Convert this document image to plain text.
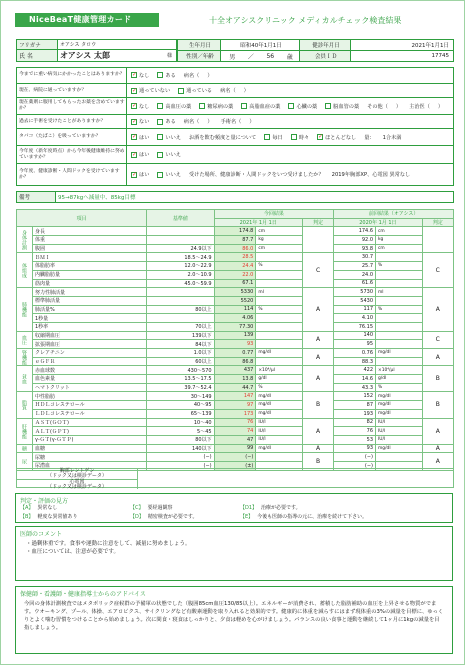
NiceBeaT健康管理カード	十全オアシスクリニック メディカルチェック検査結果
フリガナ	オアシス タロウ
氏 名	オアシス 太郎	様
生年月日	昭和40年1月1日	健診年月日	2021年1月1日
性別／年齢	男 ／ 56 歳	会員ＩＤ	17745
今までに重い病気にかかったことはありますか？ ✓	なし	ある 病名（ ）
現在、病院に通っていますか？ ✓	通っていない	通っている 病名（ ）
現在薬剤に服用してもらったお薬を含めていますか？ ✓	なし	高血圧の薬	糖尿病の薬	高脂血症の薬	心臓の薬	脳血管の薬 その他（ ） 主治医（ ）
過去に手術を受けたことがありますか？ ✓	ない	ある 病名（ ） 手術名（ ）
タバコ（たばこ）を吸っていますか？ ✓	はい	いいえ お酒を飲む頻度と量について	毎日	時々 ✓	ほとんどなし 量： 1合未満
今年度（新年度時点）から今年後健康維持に努めていますか？ ✓	はい	いいえ
今年度、健康診断・人間ドックを受けていますか？ ✓	はい	いいえ 受けた場所、健康診断・人間ドックをいつ受けましたか？ 2019年胸部XP、心電図 異常なし
備考	95→87kgへ減量中、85kg目標
項目		基準値	今回結果			前回結果（オアシス）		
			2021年 1月 1日		判定	2020年 1月 1日		判定
身体計測	身長		174.8	cm		174.6	cm	
	体重		87.7	kg		92.0	kg	
	腹囲	24.9以下	86.0	cm		93.8	cm	
体組成	ＢＭＩ	18.5〜24.9	28.5		C	30.7		C
	体脂肪率	12.0〜22.9	24.4	%		25.7	%	
	内臓脂肪量	2.0〜10.9	22.0			24.0		
	筋肉量	45.0〜59.9	67.1			61.6		
肺機能	努力性肺活量		5330	ml	A	5730	ml	A
	標準肺活量		5520			5430		
	肺活量%	80以上	114	%		117	%	
	1秒量		4.06			4.10		
	1秒率	70以上	77.30			76.15		
血圧	収縮期血圧	139以下	139		A	140		C
	拡張期血圧	84以下	93			95		
腎機能	クレアチニン	1.0以下	0.77	mg/dl	A	0.76	mg/dl	A
	ｅＧＦＲ	60以上	86.8			88.3		
貧血	赤血球数	430〜570	437	×10⁴/μl	A	422	×10⁴/μl	B
	血色素量	13.5〜17.5	13.8	g/dl		14.6	g/dl	
	ヘマトクリット	39.7〜52.4	44.7	%		43.3	%	
脂質	中性脂肪	30〜149	147	mg/dl	B	152	mg/dl	B
	ＨＤＬコレステロール	40〜95	97	mg/dl		87	mg/dl	
	ＬＤＬコレステロール	65〜139	173	mg/dl		193	mg/dl	
肝機能	ＡＳＴ(ＧＯＴ)	10〜40	76	IU/l	A	82	IU/l	A
	ＡＬＴ(ＧＰＴ)	5〜45	74	IU/l		76	IU/l	
	γ-ＧＴ(γ-ＧＴＰ)	80以下	47	IU/l		53	IU/l	
糖	血糖	140以下	99	mg/dl	A	93	mg/dl	A
尿	尿糖	(−)	(−)		B	(−)		A
	尿潜血	(−)	(±)			(−)		
胸部レントゲン
（ドック又は検診データ）
心電図
（ドック又は検診データ）
判定・評価の見方
【A】 異常なし	【C】 要経過観察	【D1】 治療が必要です。
【B】 軽度な異常値あり	【D】 精密検査が必要です。	【E】 今後も医師の指導の元に、治療を続けて下さい。
医師のコメント
・過剰体重です。食事や運動に注意をして、減量に努めましょう。
・血圧については、注意が必要です。
保健師・看護師・健康指導士からのアドバイス
今回の身体計測検査ではメタボリック症候群の予備軍の状態でした（腹囲85cm血圧130/85以上）。エネルギーが消費され、蓄積した脂肪補助の血圧を上昇させる物質がでます。ウオーキング、プール、体操、エアロビクス、サイクリングなど有酸素運動を取り入れると効果的です。健康的に体重を減らすにはまず現体重の3%の減量を目標に、ゆっくりとよく噛む習慣をつけることから始めましょう。次に間食・寝食はしっかりと、夕食は軽めを心がけましょう。バランスの良い食事と運動を継続して1ヶ月に1kgの減量を目指しましょう。
